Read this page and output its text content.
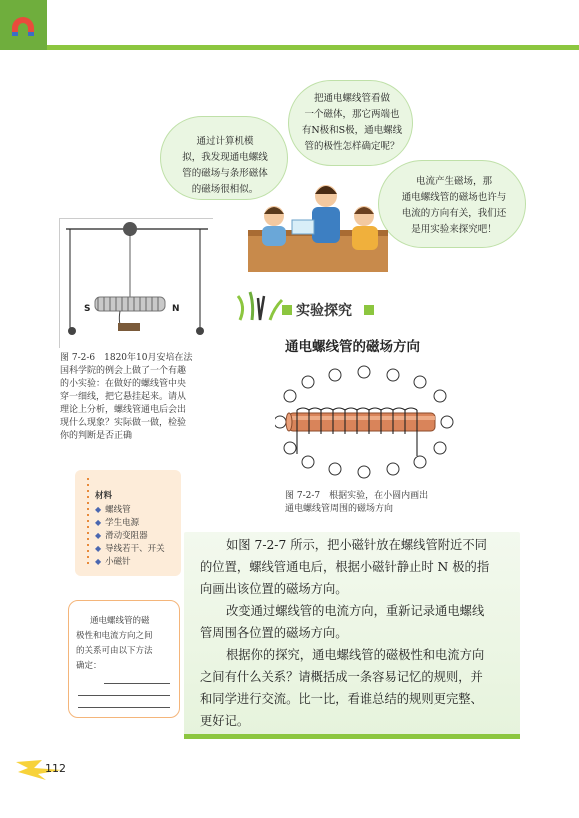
通过计算机模
拟，我发现通电螺线
管的磁场与条形磁体
的磁场很相似。
把通电螺线管看做
一个磁体，那它两端也
有N极和S极，通电螺线
管的极性怎样确定呢？
电流产生磁场，那
通电螺线管的磁场也许与
电流的方向有关，我们还
是用实验来探究吧！
S	N
图 7-2-6　1820年10月安培在法
国科学院的例会上做了一个有趣
的小实验：在做好的螺线管中央
穿一细线，把它悬挂起来。请从
理论上分析，螺线管通电后会出
现什么现象？实际做一做，检验
你的判断是否正确
实验探究
通电螺线管的磁场方向
图 7-2-7　根据实验，在小圆内画出
通电螺线管周围的磁场方向
材料
◆ 螺线管
◆ 学生电源
◆ 滑动变阻器
◆ 导线若干、开关
◆ 小磁针
如图 7-2-7 所示，把小磁针放在螺线管附近不同
的位置，螺线管通电后，根据小磁针静止时 N 极的指
向画出该位置的磁场方向。
改变通过螺线管的电流方向，重新记录通电螺线
管周围各位置的磁场方向。
根据你的探究，通电螺线管的磁极性和电流方向
之间有什么关系？请概括成一条容易记忆的规则，并
和同学进行交流。比一比，看谁总结的规则更完整、
更好记。
通电螺线管的磁
极性和电流方向之间
的关系可由以下方法
确定：
112
